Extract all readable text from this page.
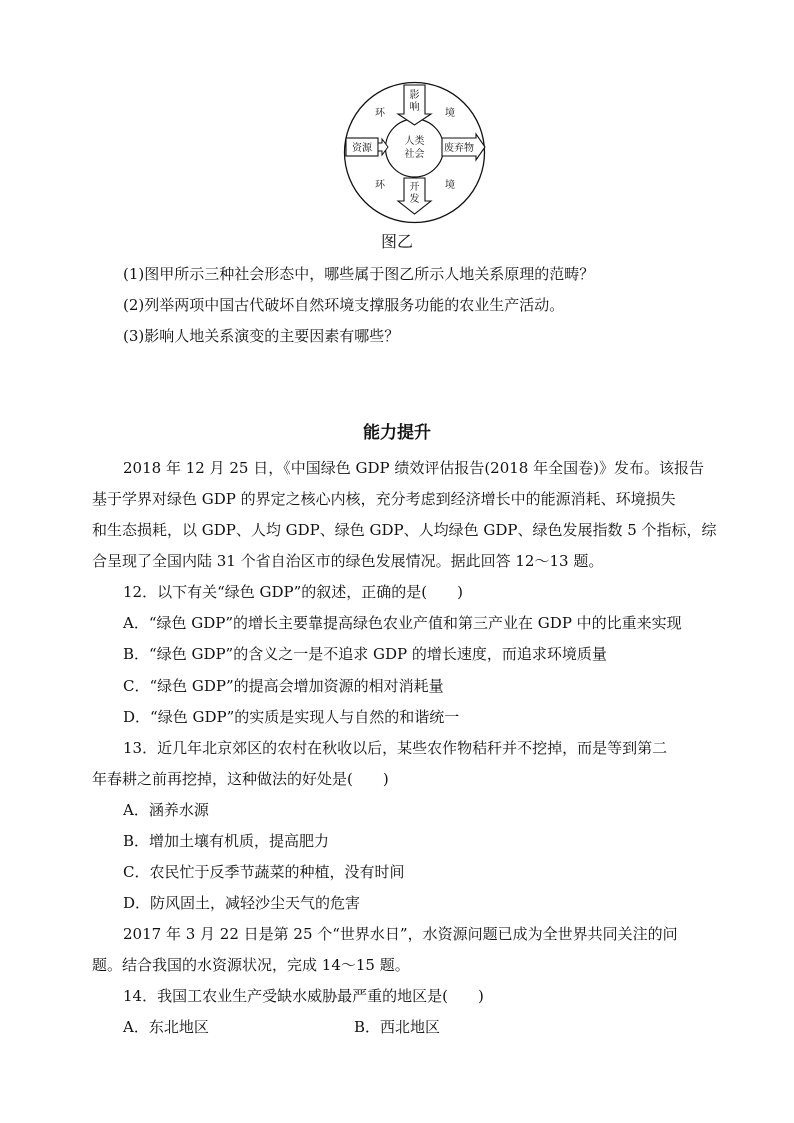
影
响
开
发
资源	废弃物
人类
社会
环	境
环	境
图乙
(1)图甲所示三种社会形态中，哪些属于图乙所示人地关系原理的范畴？
(2)列举两项中国古代破坏自然环境支撑服务功能的农业生产活动。
(3)影响人地关系演变的主要因素有哪些？
能力提升
2018 年 12 月 25 日，《中国绿色 GDP 绩效评估报告(2018 年全国卷)》发布。该报告
基于学界对绿色 GDP 的界定之核心内核，充分考虑到经济增长中的能源消耗、环境损失
和生态损耗，以 GDP、人均 GDP、绿色 GDP、人均绿色 GDP、绿色发展指数 5 个指标，综
合呈现了全国内陆 31 个省自治区市的绿色发展情况。据此回答 12～13 题。
12．以下有关“绿色 GDP”的叙述，正确的是(　　)
A．“绿色 GDP”的增长主要靠提高绿色农业产值和第三产业在 GDP 中的比重来实现
B．“绿色 GDP”的含义之一是不追求 GDP 的增长速度，而追求环境质量
C．“绿色 GDP”的提高会增加资源的相对消耗量
D．“绿色 GDP”的实质是实现人与自然的和谐统一
13．近几年北京郊区的农村在秋收以后，某些农作物秸秆并不挖掉，而是等到第二
年春耕之前再挖掉，这种做法的好处是(　　)
A．涵养水源
B．增加土壤有机质，提高肥力
C．农民忙于反季节蔬菜的种植，没有时间
D．防风固土，减轻沙尘天气的危害
2017 年 3 月 22 日是第 25 个“世界水日”，水资源问题已成为全世界共同关注的问
题。结合我国的水资源状况，完成 14～15 题。
14．我国工农业生产受缺水威胁最严重的地区是(　　)
A．东北地区	B．西北地区
